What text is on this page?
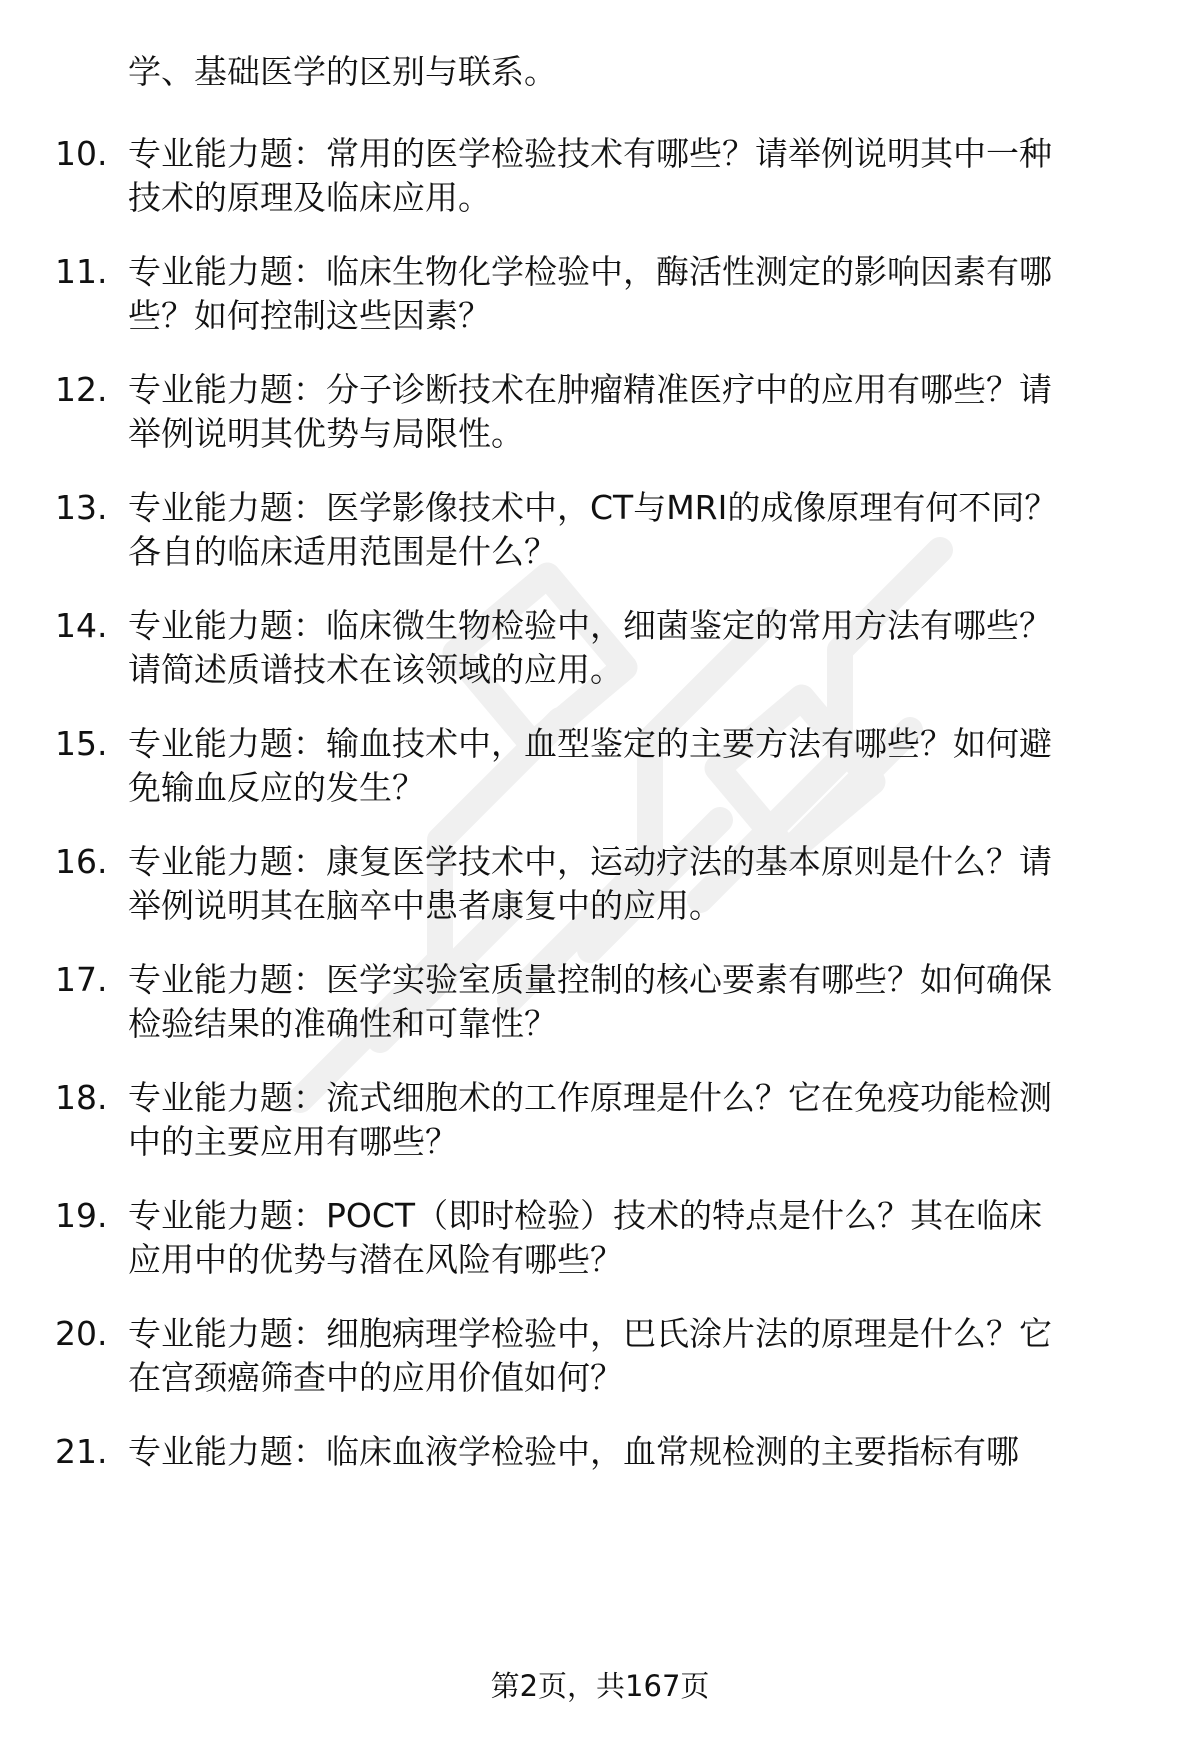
学、基础医学的区别与联系。
10. 专业能力题：常用的医学检验技术有哪些？请举例说明其中一种
技术的原理及临床应用。
11. 专业能力题：临床生物化学检验中，酶活性测定的影响因素有哪
些？如何控制这些因素？
12. 专业能力题：分子诊断技术在肿瘤精准医疗中的应用有哪些？请
举例说明其优势与局限性。
13. 专业能力题：医学影像技术中，CT与MRI的成像原理有何不同？
各自的临床适用范围是什么？
14. 专业能力题：临床微生物检验中，细菌鉴定的常用方法有哪些？
请简述质谱技术在该领域的应用。
15. 专业能力题：输血技术中，血型鉴定的主要方法有哪些？如何避
免输血反应的发生？
16. 专业能力题：康复医学技术中，运动疗法的基本原则是什么？请
举例说明其在脑卒中患者康复中的应用。
17. 专业能力题：医学实验室质量控制的核心要素有哪些？如何确保
检验结果的准确性和可靠性？
18. 专业能力题：流式细胞术的工作原理是什么？它在免疫功能检测
中的主要应用有哪些？
19. 专业能力题：POCT（即时检验）技术的特点是什么？其在临床
应用中的优势与潜在风险有哪些？
20. 专业能力题：细胞病理学检验中，巴氏涂片法的原理是什么？它
在宫颈癌筛查中的应用价值如何？
21. 专业能力题：临床血液学检验中，血常规检测的主要指标有哪
第2页，共167页
